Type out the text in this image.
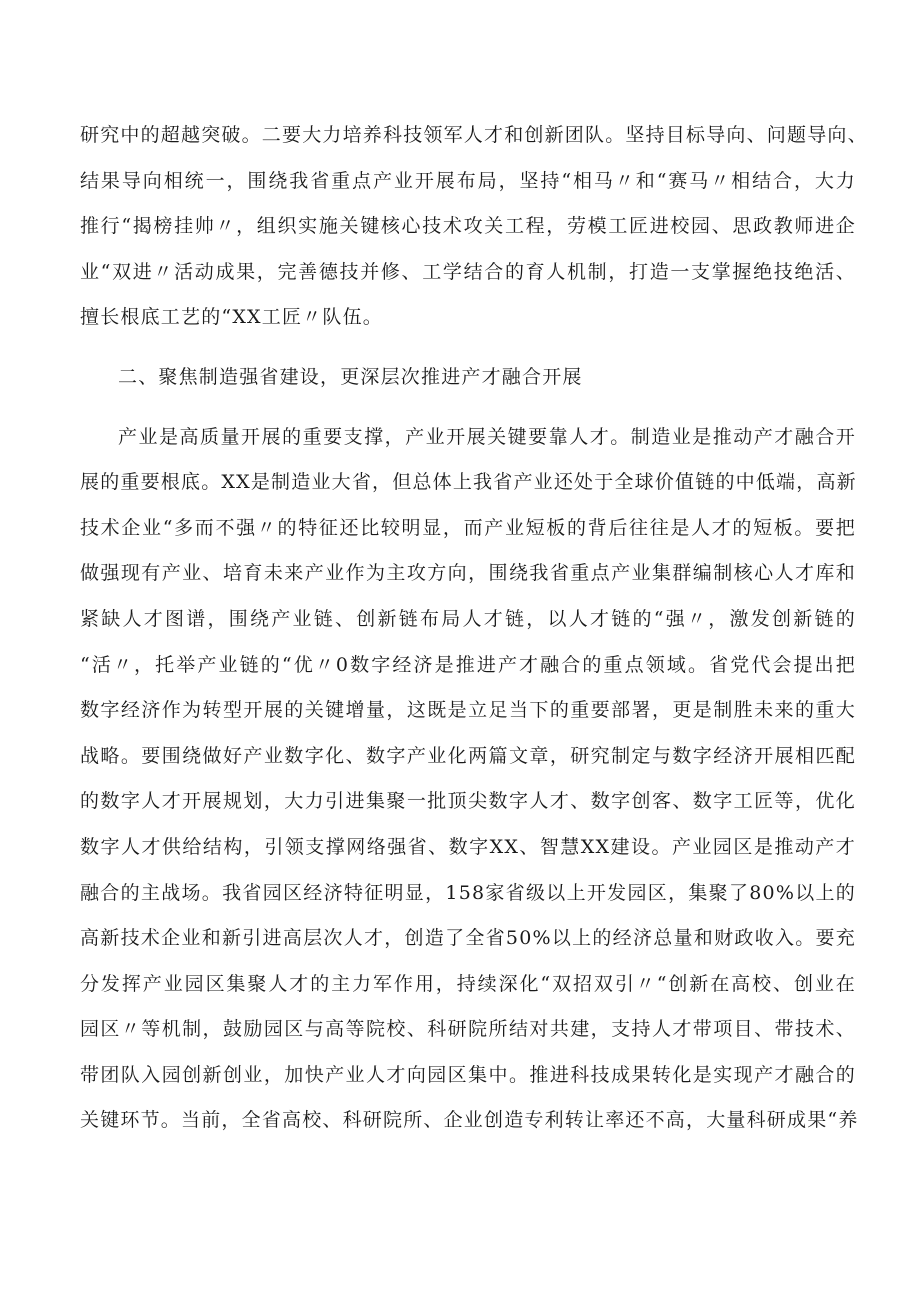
研究中的超越突破。二要大力培养科技领军人才和创新团队。坚持目标导向、问题导向、
结果导向相统一，围绕我省重点产业开展布局，坚持“相马〃和“赛马〃相结合，大力
推行“揭榜挂帅〃，组织实施关键核心技术攻关工程，劳模工匠进校园、思政教师进企
业“双进〃活动成果，完善德技并修、工学结合的育人机制，打造一支掌握绝技绝活、
擅长根底工艺的“XX工匠〃队伍。
二、聚焦制造强省建设，更深层次推进产才融合开展
产业是高质量开展的重要支撑，产业开展关键要靠人才。制造业是推动产才融合开
展的重要根底。XX是制造业大省，但总体上我省产业还处于全球价值链的中低端，高新
技术企业“多而不强〃的特征还比较明显，而产业短板的背后往往是人才的短板。要把
做强现有产业、培育未来产业作为主攻方向，围绕我省重点产业集群编制核心人才库和
紧缺人才图谱，围绕产业链、创新链布局人才链，以人才链的“强〃，激发创新链的
“活〃，托举产业链的“优〃0数字经济是推进产才融合的重点领域。省党代会提出把
数字经济作为转型开展的关键增量，这既是立足当下的重要部署，更是制胜未来的重大
战略。要围绕做好产业数字化、数字产业化两篇文章，研究制定与数字经济开展相匹配
的数字人才开展规划，大力引进集聚一批顶尖数字人才、数字创客、数字工匠等，优化
数字人才供给结构，引领支撑网络强省、数字XX、智慧XX建设。产业园区是推动产才
融合的主战场。我省园区经济特征明显，158家省级以上开发园区，集聚了80%以上的
高新技术企业和新引进高层次人才，创造了全省50%以上的经济总量和财政收入。要充
分发挥产业园区集聚人才的主力军作用，持续深化“双招双引〃“创新在高校、创业在
园区〃等机制，鼓励园区与高等院校、科研院所结对共建，支持人才带项目、带技术、
带团队入园创新创业，加快产业人才向园区集中。推进科技成果转化是实现产才融合的
关键环节。当前，全省高校、科研院所、企业创造专利转让率还不高，大量科研成果“养
